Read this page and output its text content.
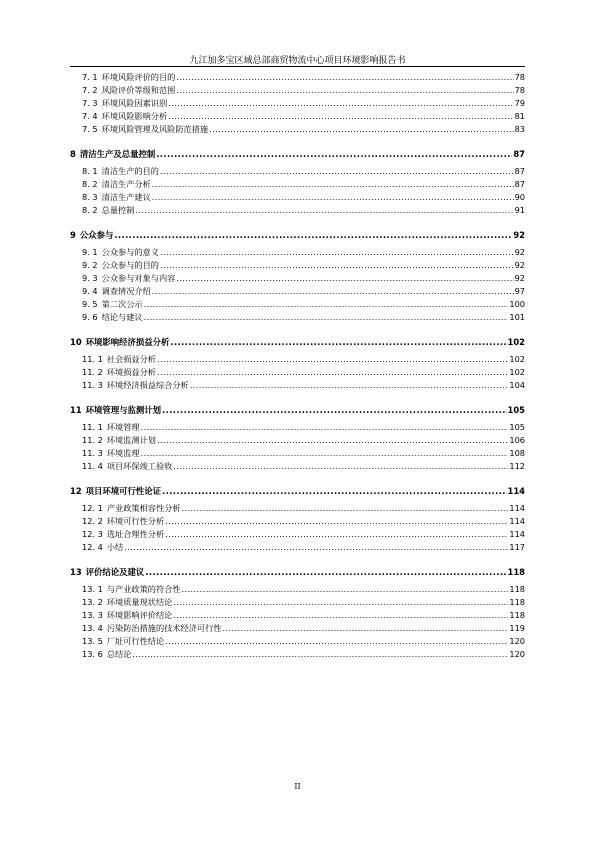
九江加多宝区域总部商贸物流中心项目环境影响报告书
7. 1 环境风险评价的目的 .....	78
7. 2 风险评价等级和范围 .....	78
7. 3 环境风险因素识别 .....	79
7. 4 环境风险影响分析 .....	81
7. 5 环境风险管理及风险防范措施 .....	83
8 清洁生产及总量控制 .....	87
8. 1 清洁生产的目的 .....	87
8. 2 清洁生产分析 .....	87
8. 3 清洁生产建议 .....	90
8. 2 总量控制 .....	91
9 公众参与 .....	92
9. 1 公众参与的意义 .....	92
9. 2 公众参与的目的 .....	92
9. 3 公众参与对象与内容 .....	92
9. 4 调查情况介绍 .....	97
9. 5 第二次公示 .....	100
9. 6 结论与建议 .....	101
10 环境影响经济损益分析 .....	102
11. 1 社会损益分析 .....	102
11. 2 环境损益分析 .....	102
11. 3 环境经济损益综合分析 .....	104
11 环境管理与监测计划 .....	105
11. 1 环境管理 .....	105
11. 2 环境监测计划 .....	106
11. 3 环境监理 .....	108
11. 4 项目环保竣工验收 .....	112
12 项目环境可行性论证 .....	114
12. 1 产业政策相容性分析 .....	114
12. 2 环境可行性分析 .....	114
12. 3 选址合理性分析 .....	114
12. 4 小结 .....	117
13 评价结论及建议 .....	118
13. 1 与产业政策的符合性 .....	118
13. 2 环境质量现状结论 .....	118
13. 3 环境影响评价结论 .....	118
13. 4 污染防治措施的技术经济可行性 .....	119
13. 5 厂址可行性结论 .....	120
13. 6 总结论 .....	120
II
